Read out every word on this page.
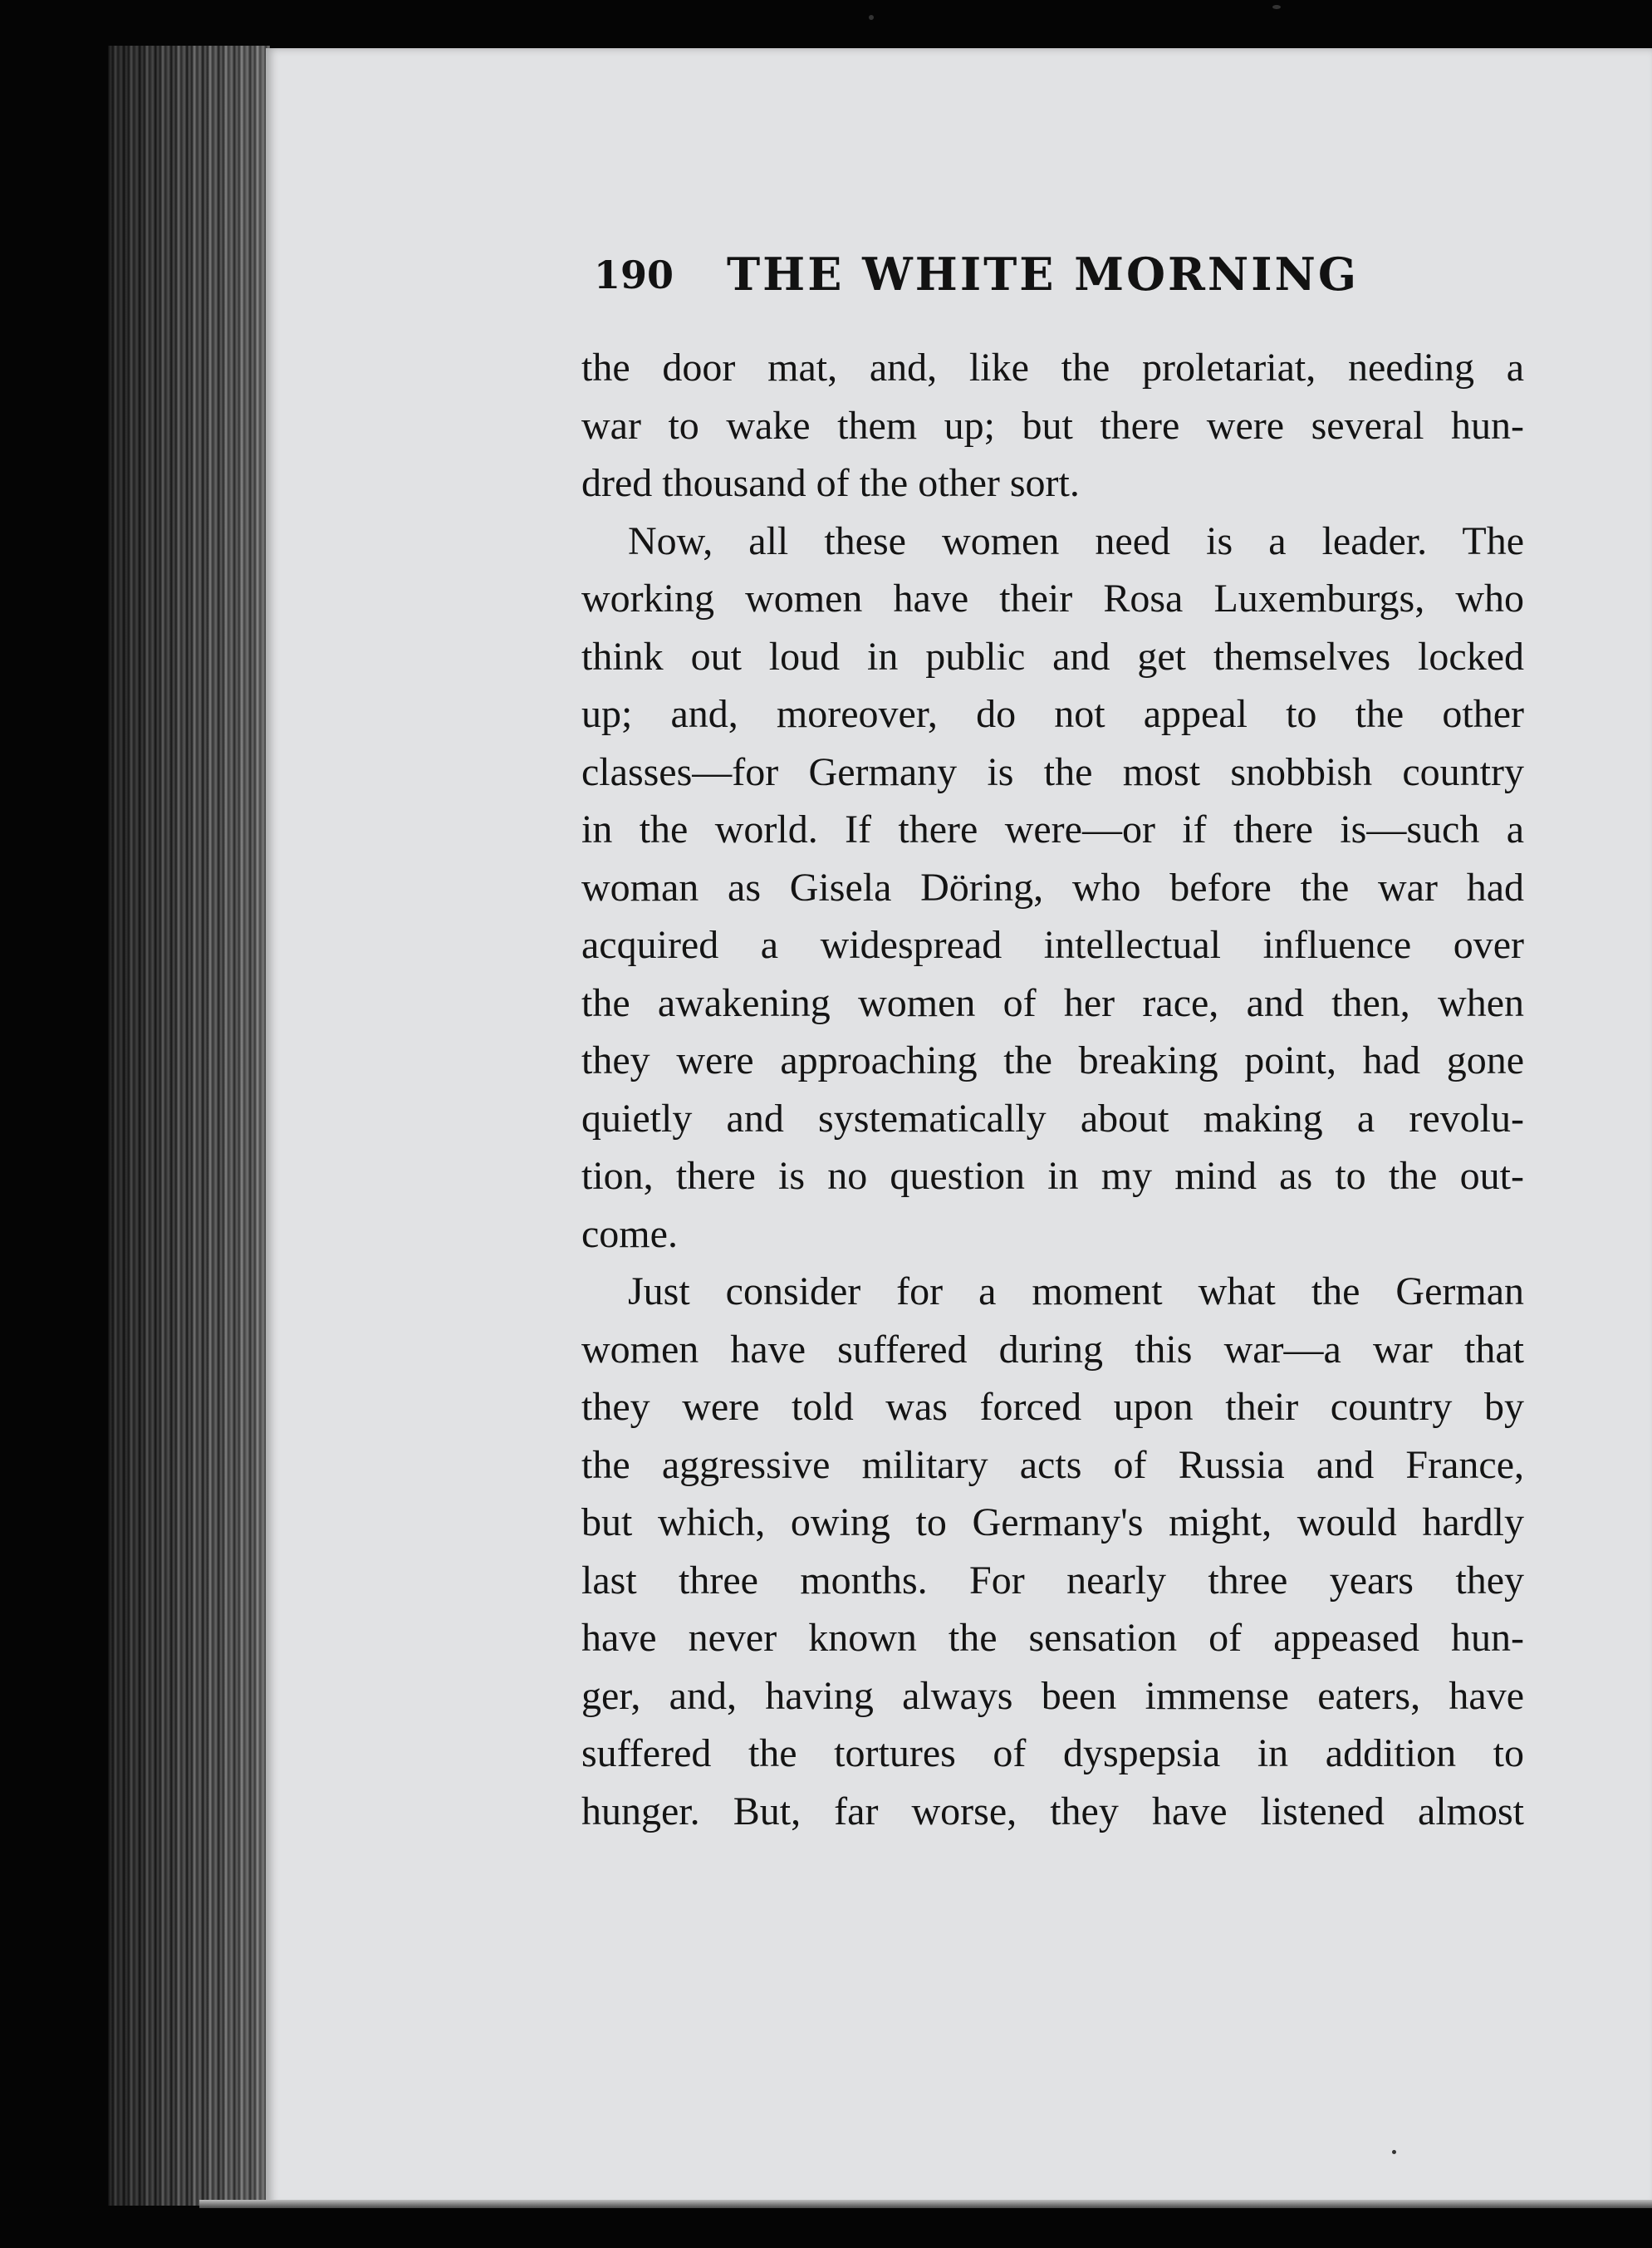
190 THE WHITE MORNING
the door mat, and, like the proletariat, needing a
war to wake them up; but there were several hun-
dred thousand of the other sort.
Now, all these women need is a leader. The
working women have their Rosa Luxemburgs, who
think out loud in public and get themselves locked
up; and, moreover, do not appeal to the other
classes—for Germany is the most snobbish country
in the world. If there were—or if there is—such a
woman as Gisela Döring, who before the war had
acquired a widespread intellectual influence over
the awakening women of her race, and then, when
they were approaching the breaking point, had gone
quietly and systematically about making a revolu-
tion, there is no question in my mind as to the out-
come.
Just consider for a moment what the German
women have suffered during this war—a war that
they were told was forced upon their country by
the aggressive military acts of Russia and France,
but which, owing to Germany's might, would hardly
last three months. For nearly three years they
have never known the sensation of appeased hun-
ger, and, having always been immense eaters, have
suffered the tortures of dyspepsia in addition to
hunger. But, far worse, they have listened almost
